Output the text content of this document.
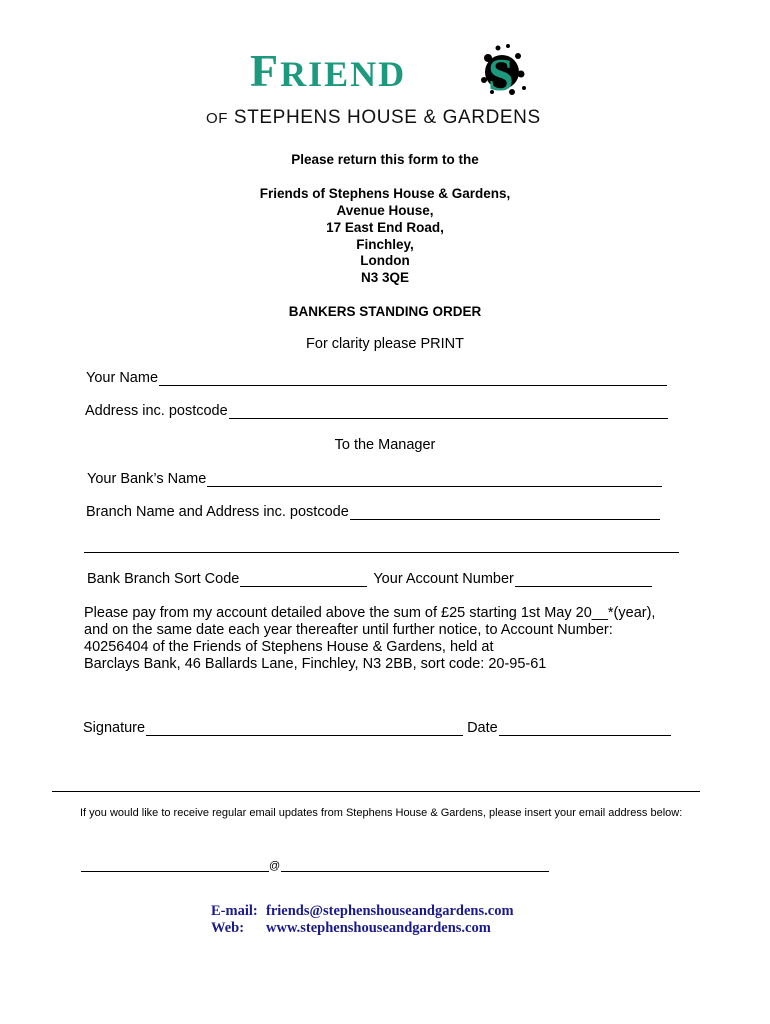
FRIEND S
OF STEPHENS HOUSE & GARDENS
Please return this form to the
Friends of Stephens House & Gardens,
Avenue House,
17 East End Road,
Finchley,
London
N3 3QE
BANKERS STANDING ORDER
For clarity please PRINT
Your Name
Address inc. postcode
To the Manager
Your Bank’s Name
Branch Name and Address inc. postcode
Bank Branch Sort Code	Your Account Number
Please pay from my account detailed above the sum of £25 starting 1st May 20__*(year),
and on the same date each year thereafter until further notice, to Account Number:
40256404 of the Friends of Stephens House & Gardens, held at
Barclays Bank, 46 Ballards Lane, Finchley, N3 2BB, sort code: 20-95-61
Signature	Date
If you would like to receive regular email updates from Stephens House & Gardens, please insert your email address below:
@
E-mail: friends@stephenshouseandgardens.com
Web: www.stephenshouseandgardens.com
